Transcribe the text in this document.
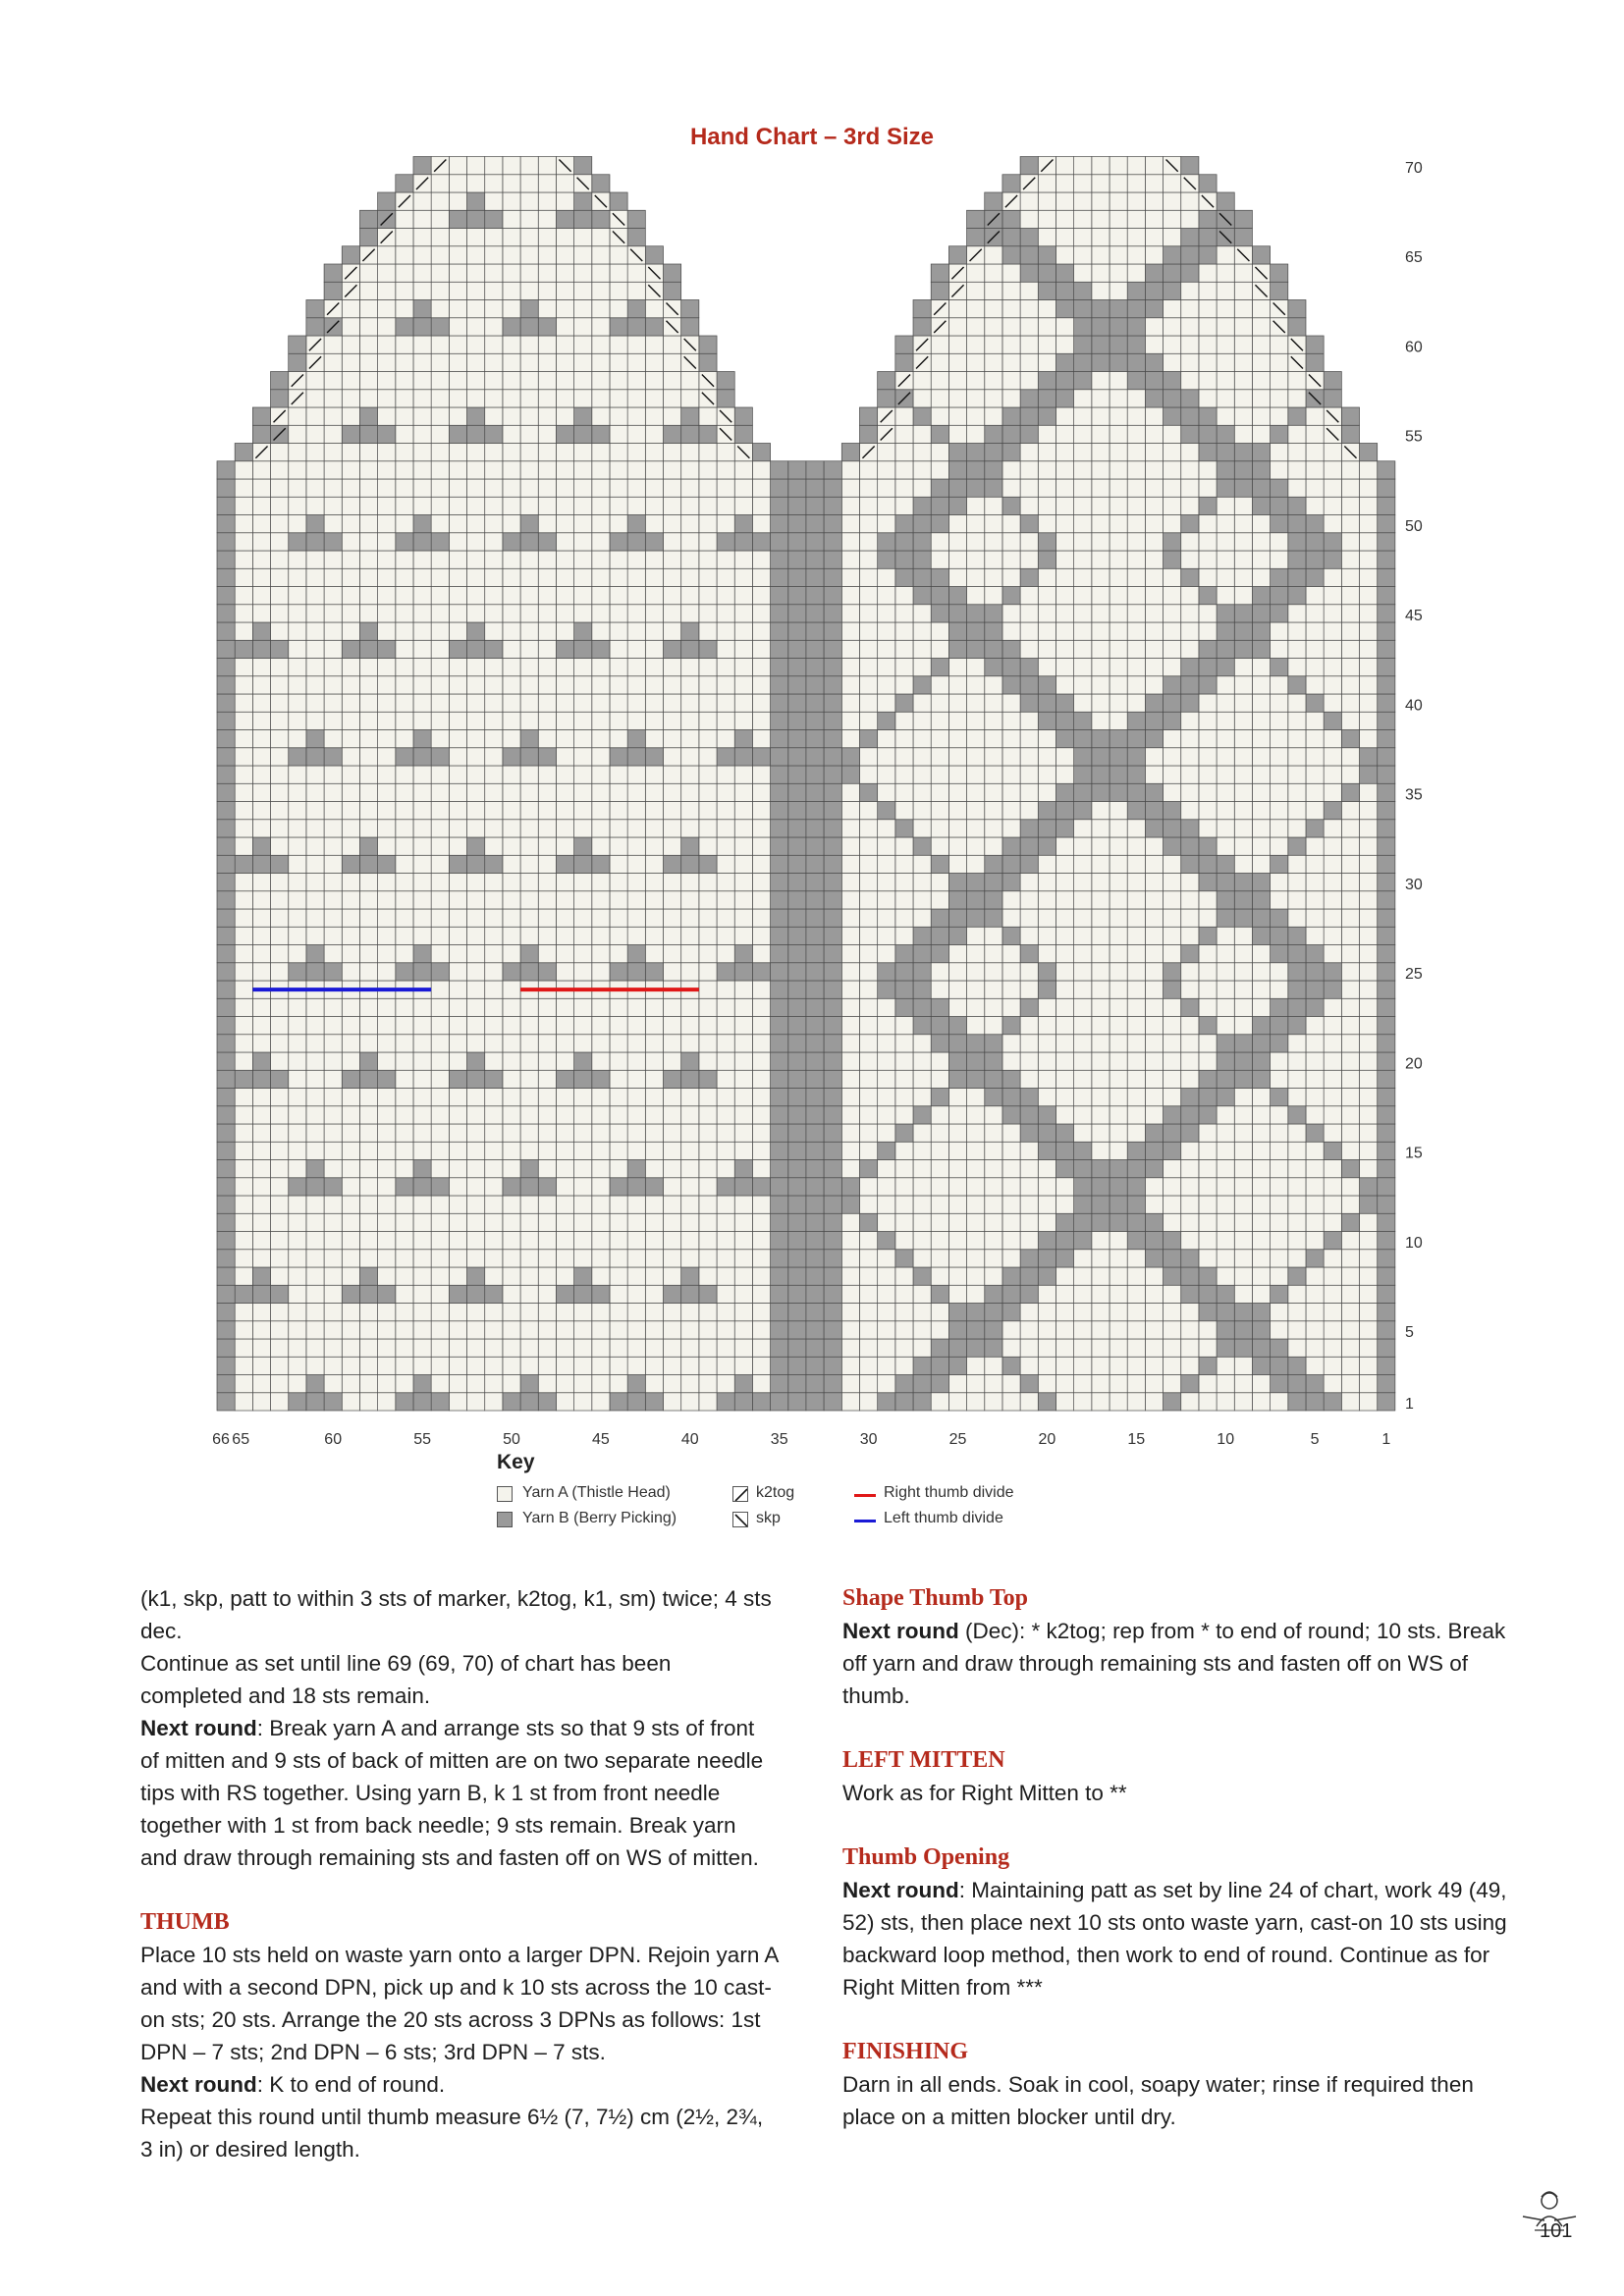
Hand Chart – 3rd Size
66 65	60	55	50	45	40	35	30	25	20	15	10	5	1
70
65
60
55
50
45
40
35
30
25
20
15
10
5
1
Key
Yarn A (Thistle Head)
Yarn B (Berry Picking)
k2tog
skp
Right thumb divide
Left thumb divide

(k1, skp, patt to within 3 sts of marker, k2tog, k1, sm) twice; 4 sts dec.

Continue as set until line 69 (69, 70) of chart has been completed and 18 sts remain.

Next round: Break yarn A and arrange sts so that 9 sts of front of mitten and 9 sts of back of mitten are on two separate needle tips with RS together. Using yarn B, k 1 st from front needle together with 1 st from back needle; 9 sts remain. Break yarn and draw through remaining sts and fasten off on WS of mitten.

THUMB

Place 10 sts held on waste yarn onto a larger DPN. Rejoin yarn A and with a second DPN, pick up and k 10 sts across the 10 cast-on sts; 20 sts. Arrange the 20 sts across 3 DPNs as follows: 1st DPN – 7 sts; 2nd DPN – 6 sts; 3rd DPN – 7 sts.

Next round: K to end of round.

Repeat this round until thumb measure 6½ (7, 7½) cm (2½, 2¾, 3 in) or desired length.

Shape Thumb Top

Next round (Dec): * k2tog; rep from * to end of round; 10 sts. Break off yarn and draw through remaining sts and fasten off on WS of thumb.

LEFT MITTEN

Work as for Right Mitten to **

Thumb Opening

Next round: Maintaining patt as set by line 24 of chart, work 49 (49, 52) sts, then place next 10 sts onto waste yarn, cast-on 10 sts using backward loop method, then work to end of round. Continue as for Right Mitten from ***

FINISHING

Darn in all ends. Soak in cool, soapy water; rinse if required then place on a mitten blocker until dry.

101
